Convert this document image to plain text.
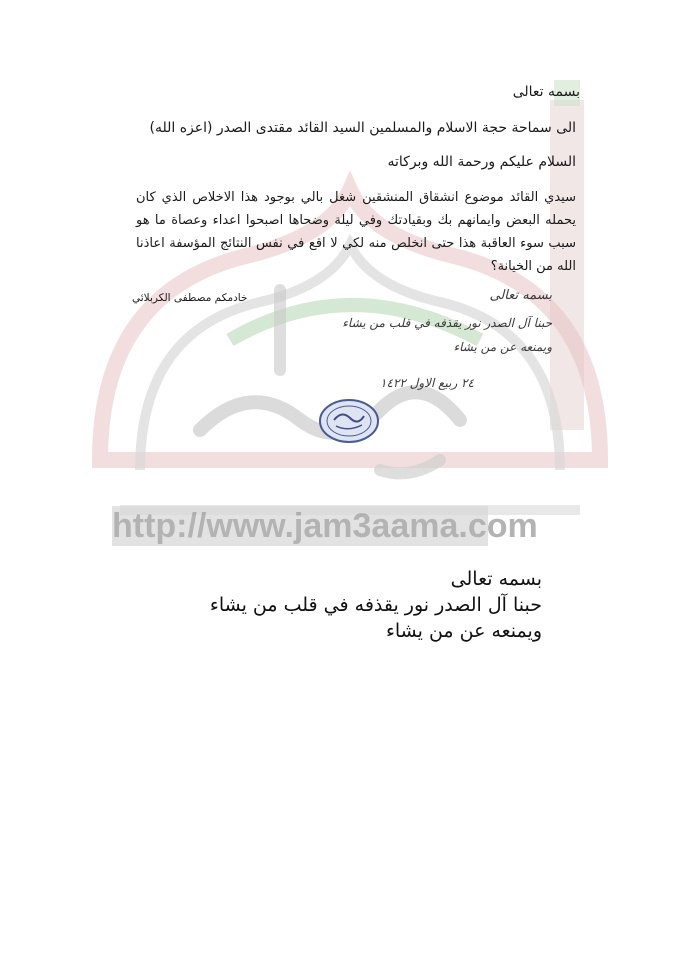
http://www.jam3aama.com
بسمه تعالى
الى سماحة حجة الاسلام والمسلمين السيد القائد مقتدى الصدر (اعزه الله)
السلام عليكم ورحمة الله وبركاته
سيدي القائد موضوع انشقاق المنشقين شغل بالي بوجود هذا الاخلاص الذي كان يحمله البعض وايمانهم بك وبقيادتك وفي ليلة وضحاها اصبحوا اعداء وعصاة ما هو سبب سوء العاقبة هذا حتى انخلص منه لكي لا اقع في نفس النتائج المؤسفة اعاذنا الله من الخيانة؟
خادمكم مصطفى الكربلائي	بسمه تعالى
حبنا آل الصدر نور يقذفه في قلب من يشاء
ويمنعه عن من يشاء
٢٤ ربيع الاول ١٤٢٢
بسمه تعالى
حبنا آل الصدر نور يقذفه في قلب من يشاء
ويمنعه عن من يشاء
